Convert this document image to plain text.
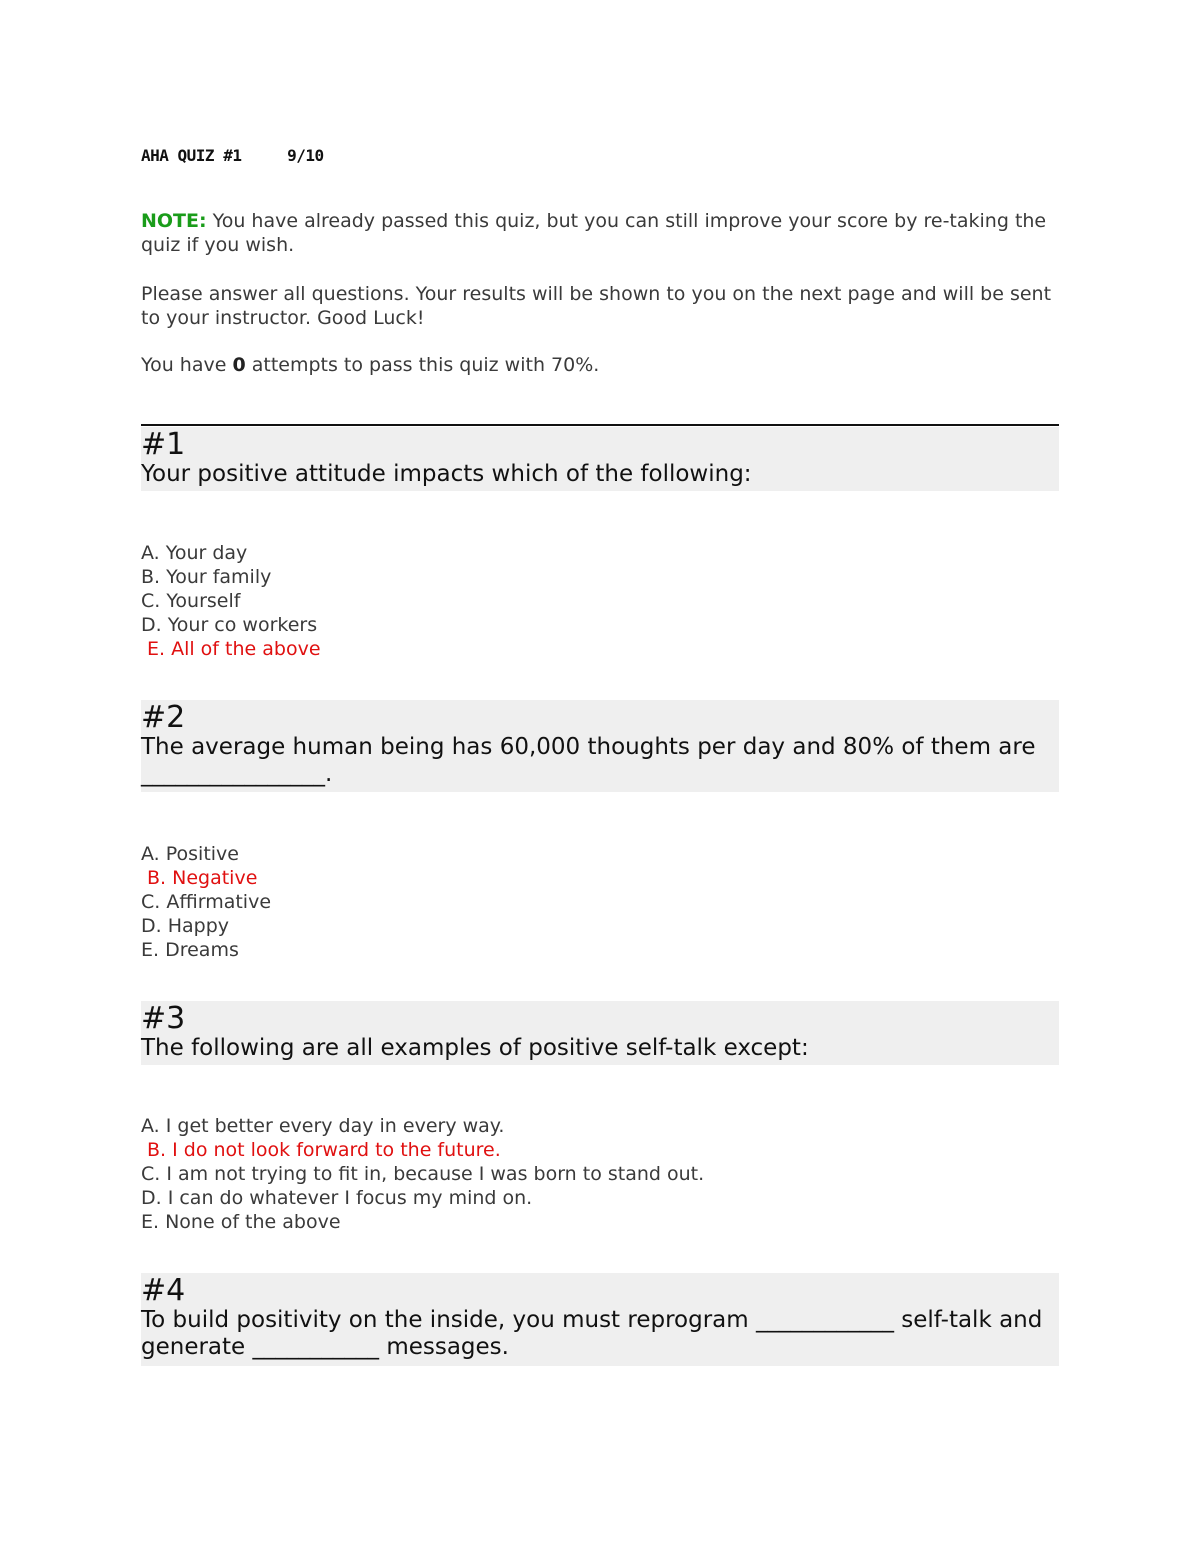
AHA QUIZ #1	9/10
NOTE: You have already passed this quiz, but you can still improve your score by re-taking the quiz if you wish.
Please answer all questions. Your results will be shown to you on the next page and will be sent to your instructor. Good Luck!
You have 0 attempts to pass this quiz with 70%.
#1
Your positive attitude impacts which of the following:
A. Your day
B. Your family
C. Yourself
D. Your co workers
E. All of the above
#2
The average human being has 60,000 thoughts per day and 80% of them are ________________.
A. Positive
B. Negative
C. Affirmative
D. Happy
E. Dreams
#3
The following are all examples of positive self-talk except:
A. I get better every day in every way.
B. I do not look forward to the future.
C. I am not trying to fit in, because I was born to stand out.
D. I can do whatever I focus my mind on.
E. None of the above
#4
To build positivity on the inside, you must reprogram ____________ self-talk and generate ___________ messages.
